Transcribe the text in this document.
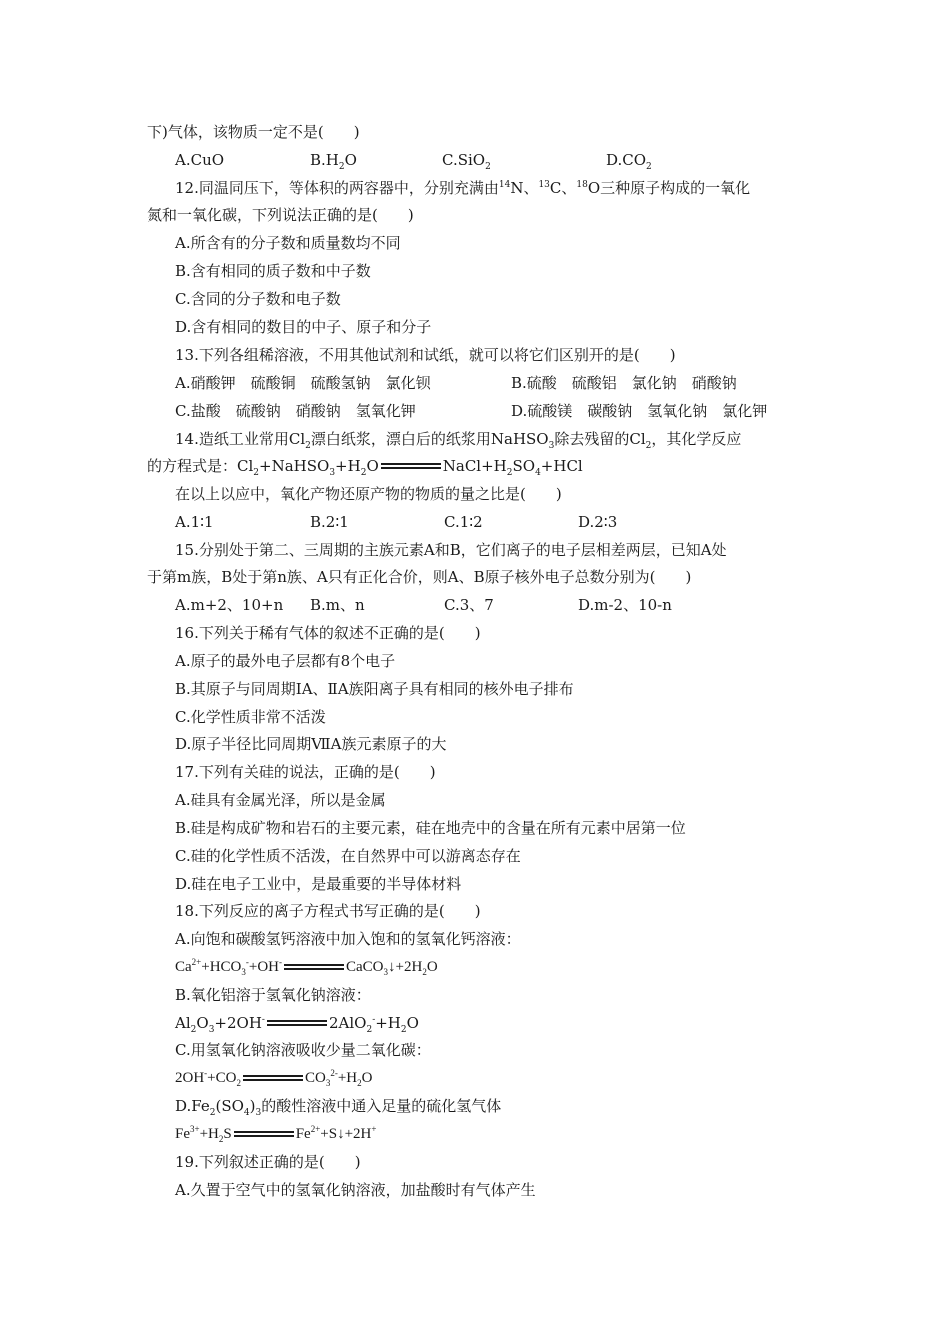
下)气体，该物质一定不是(　　)
A.CuO	$B.H_2O$	C.SiO$_2$	$D.CO_2$
12.同温同压下，等体积的两容器中，分别充满由$^{14}$N、$^{13}$C、$^{18}$O三种原子构成的一氧化
氮和一氧化碳，下列说法正确的是(　　)
A.所含有的分子数和质量数均不同
B.含有相同的质子数和中子数
C.含同的分子数和电子数
D.含有相同的数目的中子、原子和分子
13.下列各组稀溶液，不用其他试剂和试纸，就可以将它们区别开的是(　　)
A.硝酸钾　硫酸铜　硫酸氢钠　氯化钡	B.硫酸　硫酸铝　氯化钠　硝酸钠
C.盐酸　硫酸钠　硝酸钠　氢氧化钾	D.硫酸镁　碳酸钠　氢氧化钠　氯化钾
14.造纸工业常用$Cl_2$漂白纸浆，漂白后的纸浆用NaHSO$_3$除去残留的$Cl_2$，其化学反应
的方程式是：$Cl_2+NaHSO_3+H_2O$	$NaCl+H_2SO_4+HCl$
在以上以应中，氧化产物还原产物的物质的量之比是(　　)
A.1∶1	B.2∶1	C.1∶2	D.2∶3
15.分别处于第二、三周期的主族元素A和B，它们离子的电子层相差两层，已知A处
于第m族，B处于第n族、A只有正化合价，则A、B原子核外电子总数分别为(　　)
A.m+2、10+n B.m、n	C.3、7	D.m-2、10-n
16.下列关于稀有气体的叙述不正确的是(　　)
A.原子的最外电子层都有8个电子
B.其原子与同周期ⅠA、ⅡA族阳离子具有相同的核外电子排布
C.化学性质非常不活泼
D.原子半径比同周期ⅦA族元素原子的大
17.下列有关硅的说法，正确的是(　　)
A.硅具有金属光泽，所以是金属
B.硅是构成矿物和岩石的主要元素，硅在地壳中的含量在所有元素中居第一位
C.硅的化学性质不活泼，在自然界中可以游离态存在
D.硅在电子工业中，是最重要的半导体材料
18.下列反应的离子方程式书写正确的是(　　)
A.向饱和碳酸氢钙溶液中加入饱和的氢氧化钙溶液：
$Ca^{2+}+HCO_3^-+OH^-$	$CaCO_3↓+2H_2O$
B.氧化铝溶于氢氧化钠溶液：
$Al_2O_3+2OH^-$	$2AlO_2^-+H_2O$
C.用氢氧化钠溶液吸收少量二氧化碳：
$2OH^-+CO_2$	$CO_3^{2-}+H_2O$
$D.Fe_2(SO_4)_3$的酸性溶液中通入足量的硫化氢气体
$Fe^{3+}+H_2S$	$Fe^{2+}+S↓+2H^+$
19.下列叙述正确的是(　　)
A.久置于空气中的氢氧化钠溶液，加盐酸时有气体产生
